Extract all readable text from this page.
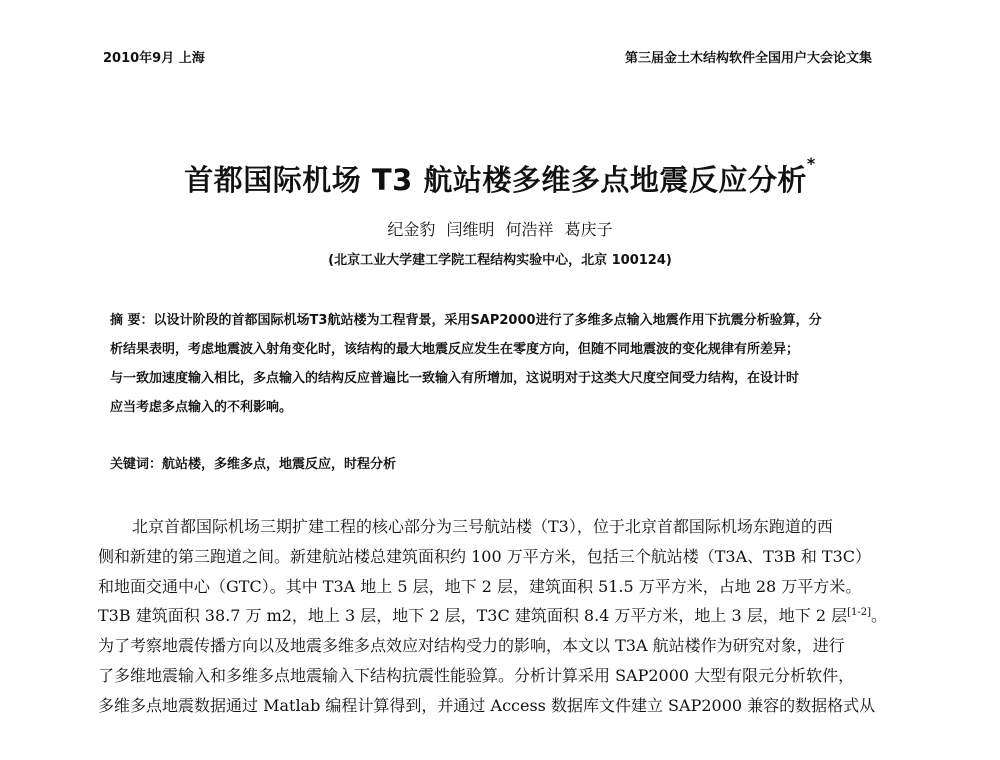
2010年9月 上海	第三届金土木结构软件全国用户大会论文集
首都国际机场 T3 航站楼多维多点地震反应分析*
纪金豹 闫维明 何浩祥 葛庆子
(北京工业大学建工学院工程结构实验中心，北京 100124)
摘 要：以设计阶段的首都国际机场T3航站楼为工程背景，采用SAP2000进行了多维多点输入地震作用下抗震分析验算，分
析结果表明，考虑地震波入射角变化时，该结构的最大地震反应发生在零度方向，但随不同地震波的变化规律有所差异；
与一致加速度输入相比，多点输入的结构反应普遍比一致输入有所增加，这说明对于这类大尺度空间受力结构，在设计时
应当考虑多点输入的不利影响。
关键词：航站楼，多维多点，地震反应，时程分析
北京首都国际机场三期扩建工程的核心部分为三号航站楼（T3），位于北京首都国际机场东跑道的西
侧和新建的第三跑道之间。新建航站楼总建筑面积约 100 万平方米，包括三个航站楼（T3A、T3B 和 T3C）
和地面交通中心（GTC）。其中 T3A 地上 5 层，地下 2 层，建筑面积 51.5 万平方米，占地 28 万平方米。
T3B 建筑面积 38.7 万 m2，地上 3 层，地下 2 层，T3C 建筑面积 8.4 万平方米，地上 3 层，地下 2 层[1-2]。
为了考察地震传播方向以及地震多维多点效应对结构受力的影响，本文以 T3A 航站楼作为研究对象，进行
了多维地震输入和多维多点地震输入下结构抗震性能验算。分析计算采用 SAP2000 大型有限元分析软件，
多维多点地震数据通过 Matlab 编程计算得到，并通过 Access 数据库文件建立 SAP2000 兼容的数据格式从
